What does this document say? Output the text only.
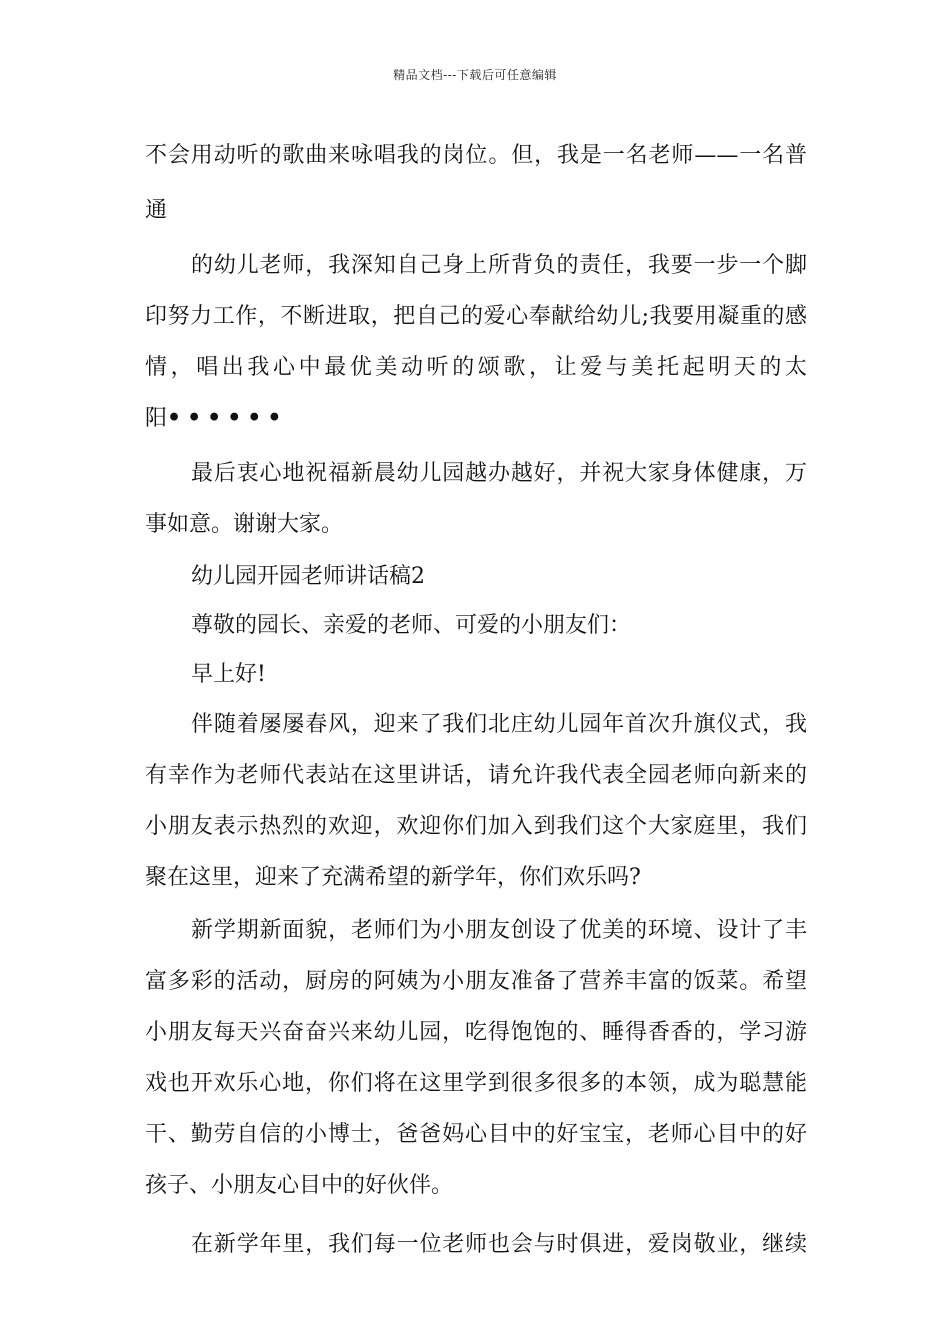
精品文档---下载后可任意编辑
不会用动听的歌曲来咏唱我的岗位。但，我是一名老师——一名普
通
的幼儿老师，我深知自己身上所背负的责任，我要一步一个脚
印努力工作，不断进取，把自己的爱心奉献给幼儿;我要用凝重的感
情，唱出我心中最优美动听的颂歌，让爱与美托起明天的太
阳••••••
最后衷心地祝福新晨幼儿园越办越好，并祝大家身体健康，万
事如意。谢谢大家。
幼儿园开园老师讲话稿2
尊敬的园长、亲爱的老师、可爱的小朋友们：
早上好!
伴随着屡屡春风，迎来了我们北庄幼儿园年首次升旗仪式，我
有幸作为老师代表站在这里讲话，请允许我代表全园老师向新来的
小朋友表示热烈的欢迎，欢迎你们加入到我们这个大家庭里，我们
聚在这里，迎来了充满希望的新学年，你们欢乐吗?
新学期新面貌，老师们为小朋友创设了优美的环境、设计了丰
富多彩的活动，厨房的阿姨为小朋友准备了营养丰富的饭菜。希望
小朋友每天兴奋奋兴来幼儿园，吃得饱饱的、睡得香香的，学习游
戏也开欢乐心地，你们将在这里学到很多很多的本领，成为聪慧能
干、勤劳自信的小博士，爸爸妈心目中的好宝宝，老师心目中的好
孩子、小朋友心目中的好伙伴。
在新学年里，我们每一位老师也会与时俱进，爱岗敬业，继续
